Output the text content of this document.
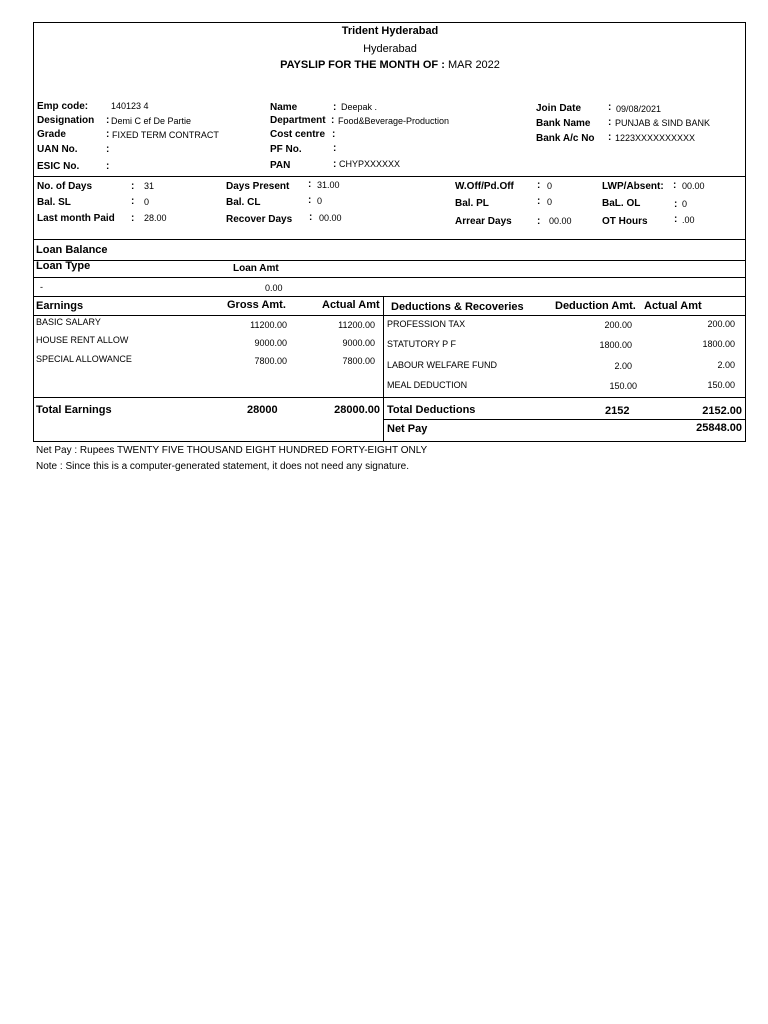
Trident Hyderabad
Hyderabad
PAYSLIP FOR THE MONTH OF : MAR 2022
Emp code:	140123 4
Designation : Demi C ef De Partie
Grade	: FIXED TERM CONTRACT
UAN No.	:
ESIC No.	:
Name	: Deepak .
Department : Food&Beverage-Production
Cost centre :
PF No.	:
PAN	: CHYPXXXXXX
Join Date	: 09/08/2021
Bank Name : PUNJAB & SIND BANK
Bank A/c No : 1223XXXXXXXXXX
No. of Days	: 31
Bal. SL	: 0
Last month Paid : 28.00
Days Present : 31.00
Bal. CL	: 0
Recover Days : 00.00
W.Off/Pd.Off : 0
Bal. PL	: 0
Arrear Days	: 00.00
LWP/Absent: : 00.00
BaL. OL	: 0
OT Hours	: .00
Loan Balance
Loan Type	Loan Amt
-	0.00
Earnings	Gross Amt.	Actual Amt
BASIC SALARY	11200.00	11200.00
HOUSE RENT ALLOW	9000.00	9000.00
SPECIAL ALLOWANCE	7800.00	7800.00
Total Earnings	28000	28000.00
Deductions & Recoveries	Deduction Amt. Actual Amt
PROFESSION TAX	200.00	200.00
STATUTORY P F	1800.00	1800.00
LABOUR WELFARE FUND	2.00	2.00
MEAL DEDUCTION	150.00	150.00
Total Deductions	2152	2152.00
Net Pay	25848.00
Net Pay : Rupees TWENTY FIVE THOUSAND EIGHT HUNDRED FORTY-EIGHT ONLY
Note : Since this is a computer-generated statement, it does not need any signature.
